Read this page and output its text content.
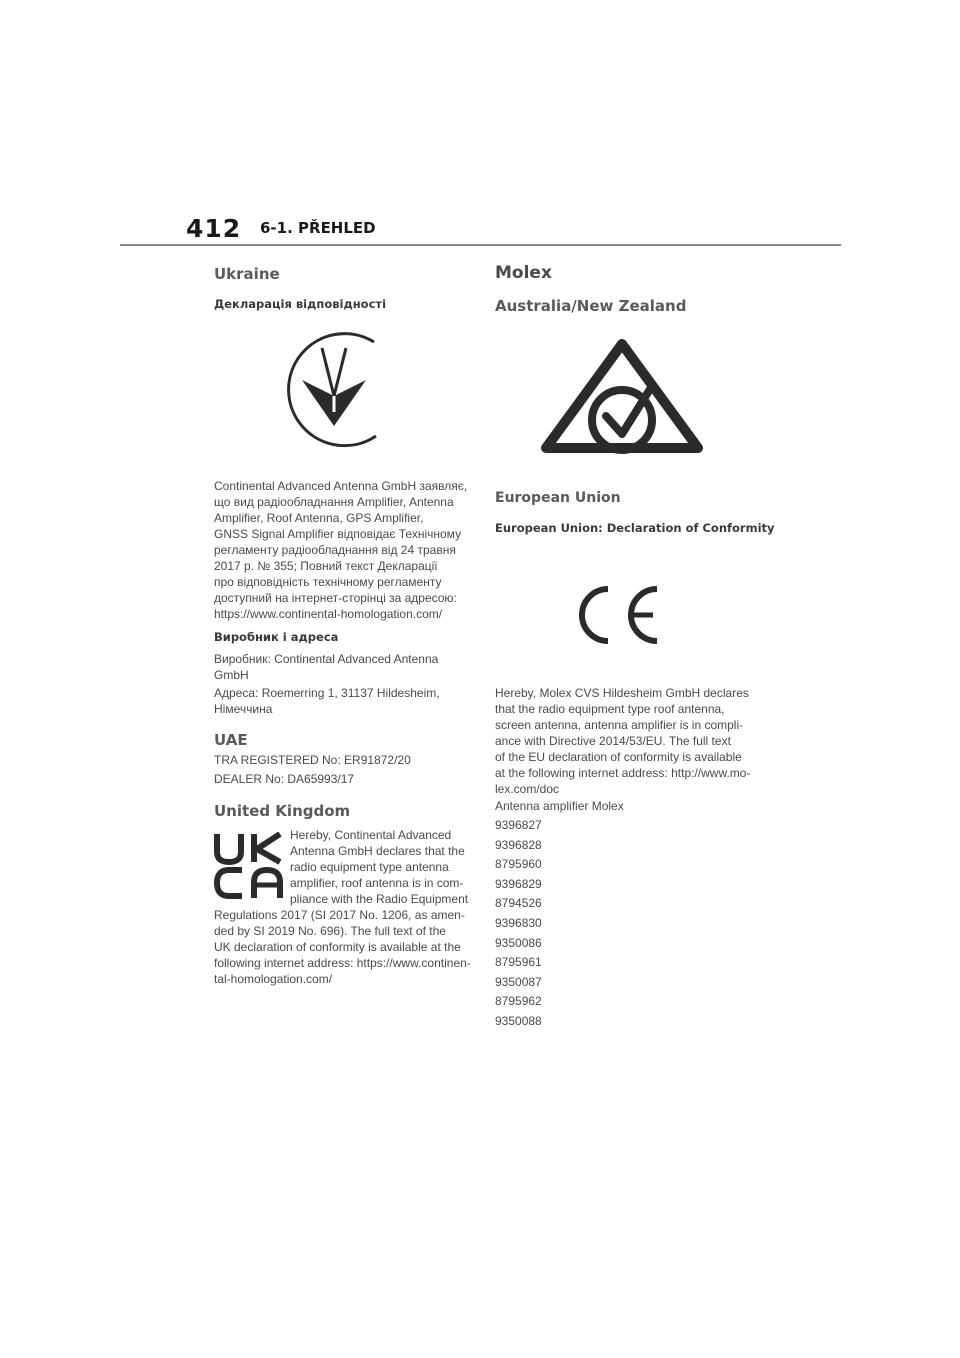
412 6-1. PŘEHLED
Ukraine
Декларація відповідності

Continental Advanced Antenna GmbH заявляє,

що вид радіообладнання Amplifier, Antenna

Amplifier, Roof Antenna, GPS Amplifier,

GNSS Signal Amplifier відповідає Технічному

регламенту радіообладнання від 24 травня

2017 р. № 355; Повний текст Декларації

про відповідність технічному регламенту

доступний на інтернет-сторінці за адресою:

https://www.continental-homologation.com/

Виробник і адреса

Виробник: Continental Advanced Antenna

GmbH

Адреса: Roemerring 1, 31137 Hildesheim,

Німеччина

UAE

TRA REGISTERED No: ER91872/20

DEALER No: DA65993/17

United Kingdom

Hereby, Continental Advanced

Antenna GmbH declares that the

radio equipment type antenna

amplifier, roof antenna is in com-

pliance with the Radio Equipment

Regulations 2017 (SI 2017 No. 1206, as amen-

ded by SI 2019 No. 696). The full text of the

UK declaration of conformity is available at the

following internet address: https://www.continen-

tal-homologation.com/

Molex
Australia/New Zealand
European Union
European Union: Declaration of Conformity

Hereby, Molex CVS Hildesheim GmbH declares

that the radio equipment type roof antenna,

screen antenna, antenna amplifier is in compli-

ance with Directive 2014/53/EU. The full text

of the EU declaration of conformity is available

at the following internet address: http://www.mo-

lex.com/doc

Antenna amplifier Molex

9396827

9396828

8795960

9396829

8794526

9396830

9350086

8795961

9350087

8795962

9350088
